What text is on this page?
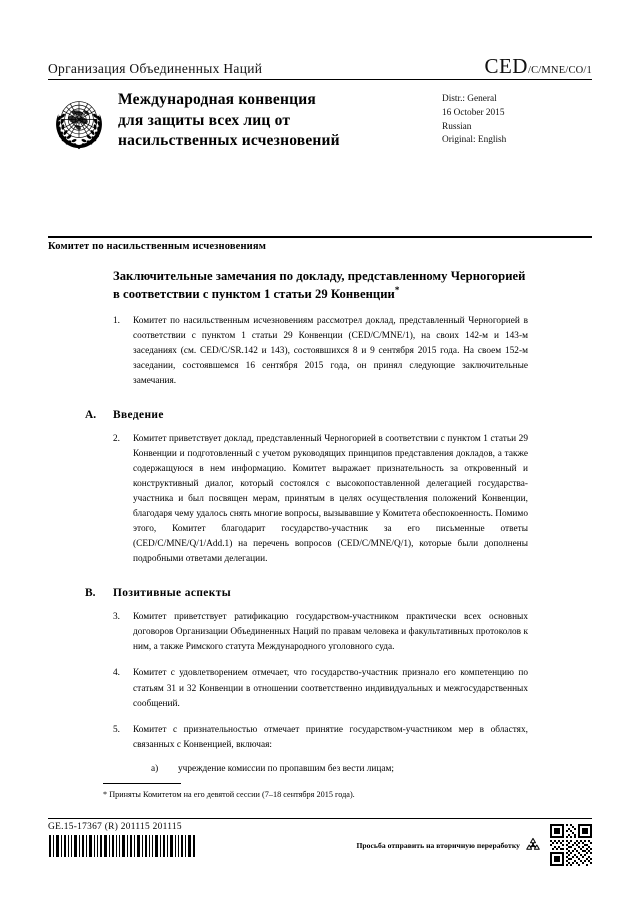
Организация Объединенных Наций	CED/C/MNE/CO/1
Международная конвенция
для защиты всех лиц от
насильственных исчезновений
Distr.: General
16 October 2015
Russian
Original: English
Комитет по насильственным исчезновениям
Заключительные замечания по докладу, представленному Черногорией в соответствии с пунктом 1 статьи 29 Конвенции*
1.	Комитет по насильственным исчезновениям рассмотрел доклад, представленный Черногорией в соответствии с пунктом 1 статьи 29 Конвенции (CED/C/MNE/1), на своих 142-м и 143-м заседаниях (см. CED/C/SR.142 и 143), состоявшихся 8 и 9 сентября 2015 года. На своем 152-м заседании, состоявшемся 16 сентября 2015 года, он принял следующие заключительные замечания.
A.	Введение
2.	Комитет приветствует доклад, представленный Черногорией в соответствии с пунктом 1 статьи 29 Конвенции и подготовленный с учетом руководящих принципов представления докладов, а также содержащуюся в нем информацию. Комитет выражает признательность за откровенный и конструктивный диалог, который состоялся с высокопоставленной делегацией государства-участника и был посвящен мерам, принятым в целях осуществления положений Конвенции, благодаря чему удалось снять многие вопросы, вызывавшие у Комитета обеспокоенность. Помимо этого, Комитет благодарит государство-участник за его письменные ответы (CED/C/MNE/Q/1/Add.1) на перечень вопросов (CED/C/MNE/Q/1), которые были дополнены подробными ответами делегации.
B.	Позитивные аспекты
3.	Комитет приветствует ратификацию государством-участником практически всех основных договоров Организации Объединенных Наций по правам человека и факультативных протоколов к ним, а также Римского статута Международного уголовного суда.
4.	Комитет с удовлетворением отмечает, что государство-участник признало его компетенцию по статьям 31 и 32 Конвенции в отношении соответственно индивидуальных и межгосударственных сообщений.
5.	Комитет с признательностью отмечает принятие государством-участником мер в областях, связанных с Конвенцией, включая:
a)	учреждение комиссии по пропавшим без вести лицам;
* Приняты Комитетом на его девятой сессии (7–18 сентября 2015 года).
GE.15-17367 (R) 201115 201115
Просьба отправить на вторичную переработку
